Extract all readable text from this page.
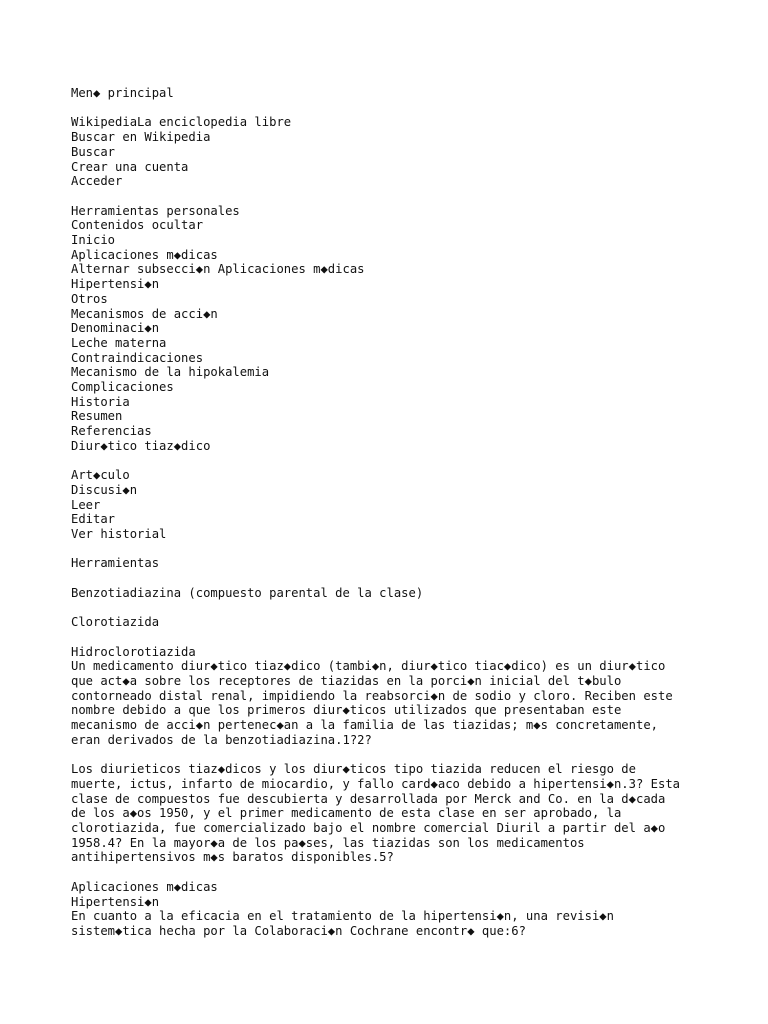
Men◆ principal
WikipediaLa enciclopedia libre
Buscar en Wikipedia
Buscar
Crear una cuenta
Acceder
Herramientas personales
Contenidos ocultar
Inicio
Aplicaciones m◆dicas
Alternar subsecci◆n Aplicaciones m◆dicas
Hipertensi◆n
Otros
Mecanismos de acci◆n
Denominaci◆n
Leche materna
Contraindicaciones
Mecanismo de la hipokalemia
Complicaciones
Historia
Resumen
Referencias
Diur◆tico tiaz◆dico
Art◆culo
Discusi◆n
Leer
Editar
Ver historial
Herramientas
Benzotiadiazina (compuesto parental de la clase)
Clorotiazida
Hidroclorotiazida
Un medicamento diur◆tico tiaz◆dico (tambi◆n, diur◆tico tiac◆dico) es un diur◆tico
que act◆a sobre los receptores de tiazidas en la porci◆n inicial del t◆bulo
contorneado distal renal, impidiendo la reabsorci◆n de sodio y cloro. Reciben este
nombre debido a que los primeros diur◆ticos utilizados que presentaban este
mecanismo de acci◆n pertenec◆an a la familia de las tiazidas; m◆s concretamente,
eran derivados de la benzotiadiazina.1?2?
Los diurieticos tiaz◆dicos y los diur◆ticos tipo tiazida reducen el riesgo de
muerte, ictus, infarto de miocardio, y fallo card◆aco debido a hipertensi◆n.3? Esta
clase de compuestos fue descubierta y desarrollada por Merck and Co. en la d◆cada
de los a◆os 1950, y el primer medicamento de esta clase en ser aprobado, la
clorotiazida, fue comercializado bajo el nombre comercial Diuril a partir del a◆o
1958.4? En la mayor◆a de los pa◆ses, las tiazidas son los medicamentos
antihipertensivos m◆s baratos disponibles.5?
Aplicaciones m◆dicas
Hipertensi◆n
En cuanto a la eficacia en el tratamiento de la hipertensi◆n, una revisi◆n
sistem◆tica hecha por la Colaboraci◆n Cochrane encontr◆ que:6?
